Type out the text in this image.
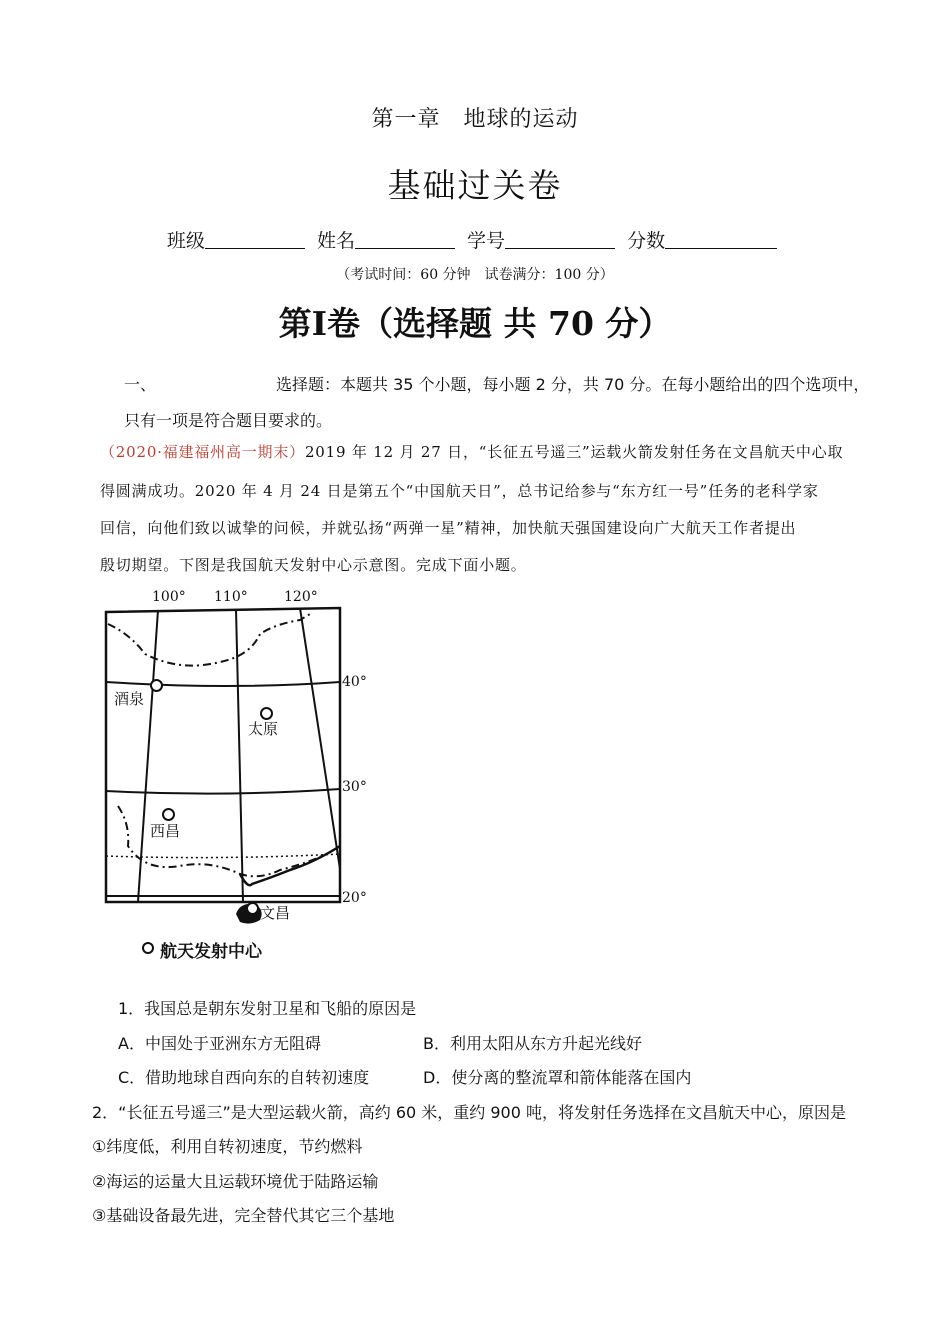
第一章　地球的运动
基础过关卷
班级	姓名	学号	分数
（考试时间：60 分钟　试卷满分：100 分）
第I卷（选择题 共 70 分）
一、	选择题：本题共 35 个小题，每小题 2 分，共 70 分。在每小题给出的四个选项中，
只有一项是符合题目要求的。
（2020·福建福州高一期末）2019 年 12 月 27 日，“长征五号遥三”运载火箭发射任务在文昌航天中心取
得圆满成功。2020 年 4 月 24 日是第五个“中国航天日”，总书记给参与“东方红一号”任务的老科学家
回信，向他们致以诚挚的问候，并就弘扬“两弹一星”精神，加快航天强国建设向广大航天工作者提出
殷切期望。下图是我国航天发射中心示意图。完成下面小题。
100° 110°	120°
40°
30°
20°
酒泉
太原
西昌
文昌
航天发射中心
1．我国总是朝东发射卫星和飞船的原因是
A．中国处于亚洲东方无阻碍	B．利用太阳从东方升起光线好
C．借助地球自西向东的自转初速度	D．使分离的整流罩和箭体能落在国内
2．“长征五号遥三”是大型运载火箭，高约 60 米，重约 900 吨，将发射任务选择在文昌航天中心，原因是
①纬度低，利用自转初速度，节约燃料
②海运的运量大且运载环境优于陆路运输
③基础设备最先进，完全替代其它三个基地
